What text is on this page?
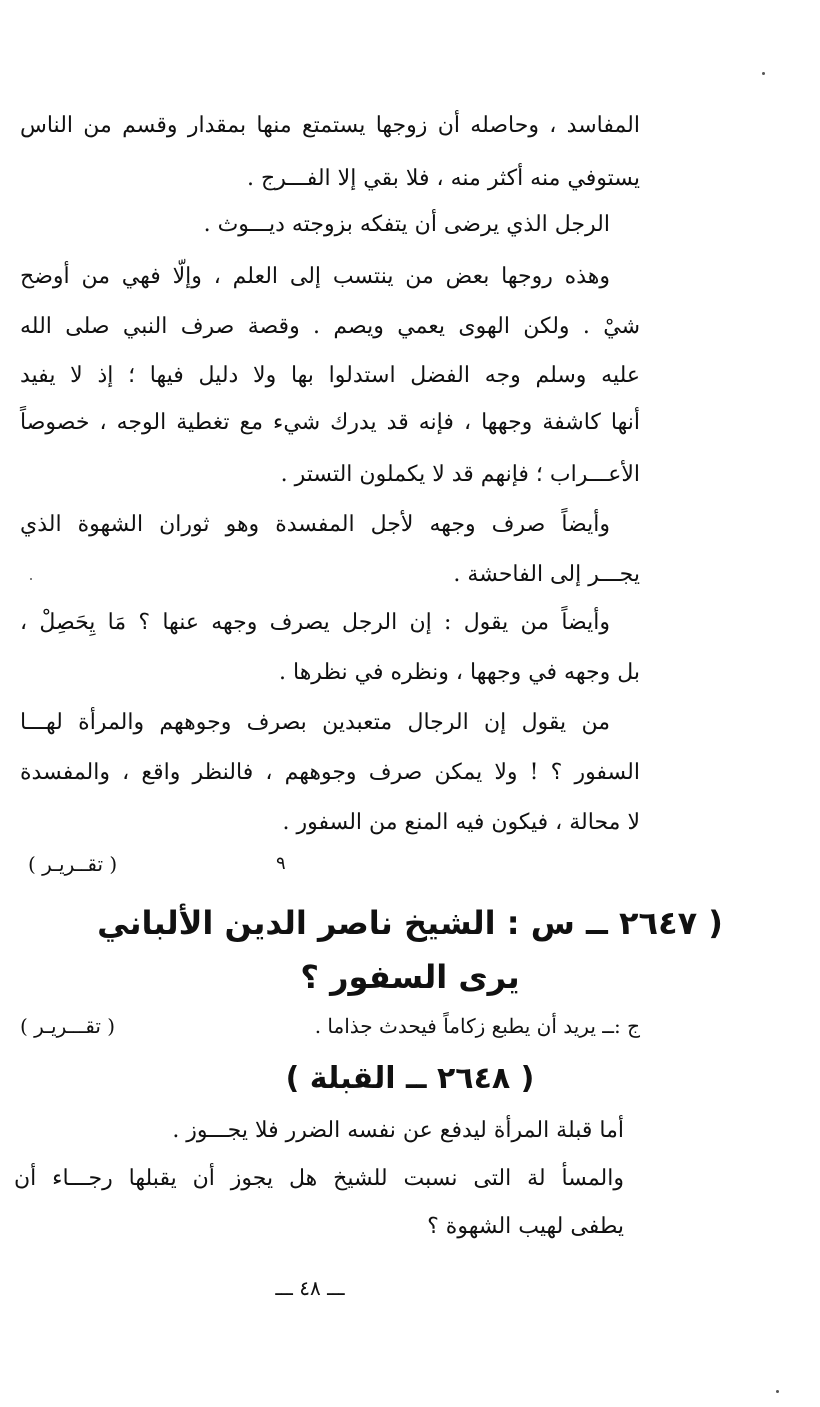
المفاسد ، وحاصله أن زوجها يستمتع منها بمقدار وقسم من الناس
يستوفي منه أكثر منه ، فلا بقي إلا الفـــرج .
الرجل الذي يرضى أن يتفكه بزوجته ديـــوث .
وهذه روجها بعض من ينتسب إلى العلم ، وإلّا فهي من أوضح
شيْ . ولكن الهوى يعمي ويصم . وقصة صرف النبي صلى الله
عليه وسلم وجه الفضل استدلوا بها ولا دليل فيها ؛ إذ لا يفيد
أنها كاشفة وجهها ، فإنه قد يدرك شيء مع تغطية الوجه ، خصوصاً
الأعـــراب ؛ فإنهم قد لا يكملون التستر .
وأيضاً صرف وجهه لأجل المفسدة وهو ثوران الشهوة الذي
يجـــر إلى الفاحشة .
وأيضاً من يقول : إن الرجل يصرف وجهه عنها ؟ مَا يِحَصِلْ ،
بل وجهه في وجهها ، ونظره في نظرها .
من يقول إن الرجال متعبدين بصرف وجوههم والمرأة لهـــا
السفور ؟ ! ولا يمكن صرف وجوههم ، فالنظر واقع ، والمفسدة
لا محالة ، فيكون فيه المنع من السفور .
( تقــريـر )	٩
( ٢٦٤٧ ــ س : الشيخ ناصر الدين الألباني
يرى السفور ؟
ج :ــ يريد أن يطبع زكاماً فيحدث جذاما .
( تقـــريـر )
( ٢٦٤٨ ــ القبلة )
أما قبلة المرأة ليدفع عن نفسه الضرر فلا يجـــوز .
والمسأ لة التى نسبت للشيخ هل يجوز أن يقبلها رجـــاء أن
يطفى لهيب الشهوة ؟
ـــ ٤٨ ـــ
